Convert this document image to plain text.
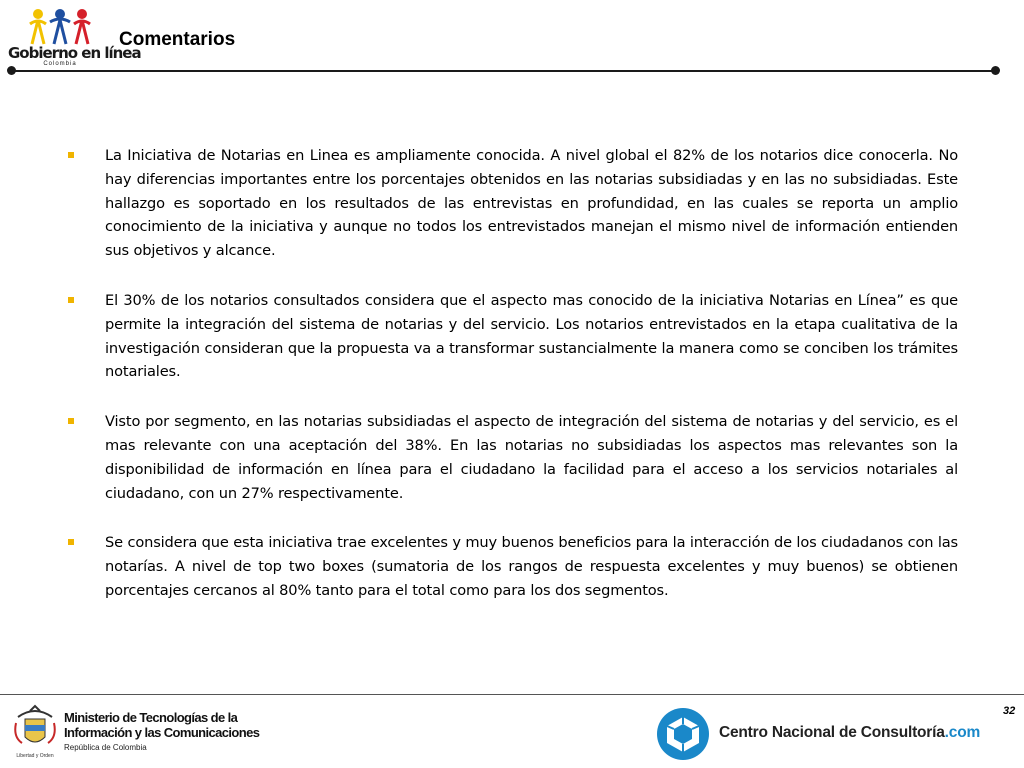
Gobierno en línea
Colombia
Comentarios
La Iniciativa de Notarias en Linea es ampliamente conocida. A nivel global el 82% de los notarios dice conocerla. No hay diferencias importantes entre los porcentajes obtenidos en las notarias subsidiadas y en las no subsidiadas. Este hallazgo es soportado en los resultados de las entrevistas en profundidad, en las cuales se reporta un amplio conocimiento de la iniciativa y aunque no todos los entrevistados manejan el mismo nivel de información entienden sus objetivos y alcance.
El 30% de los notarios consultados considera que el aspecto mas conocido de la iniciativa Notarias en Línea” es que permite la integración del sistema de notarias y del servicio. Los notarios entrevistados en la etapa cualitativa de la investigación consideran que la propuesta va a transformar sustancialmente la manera como se conciben los trámites notariales.
Visto por segmento, en las notarias subsidiadas el aspecto de integración del sistema de notarias y del servicio, es el mas relevante con una aceptación del 38%. En las notarias no subsidiadas los aspectos mas relevantes son la disponibilidad de información en línea para el ciudadano la facilidad para el acceso a los servicios notariales al ciudadano, con un 27% respectivamente.
Se considera que esta iniciativa trae excelentes y muy buenos beneficios para la interacción de los ciudadanos con las notarías. A nivel de top two boxes (sumatoria de los rangos de respuesta excelentes y muy buenos) se obtienen porcentajes cercanos al 80% tanto para el total como para los dos segmentos.
32
Libertad y Orden
Ministerio de Tecnologías de la
Información y las Comunicaciones
República de Colombia
Centro Nacional de Consultoría.com
